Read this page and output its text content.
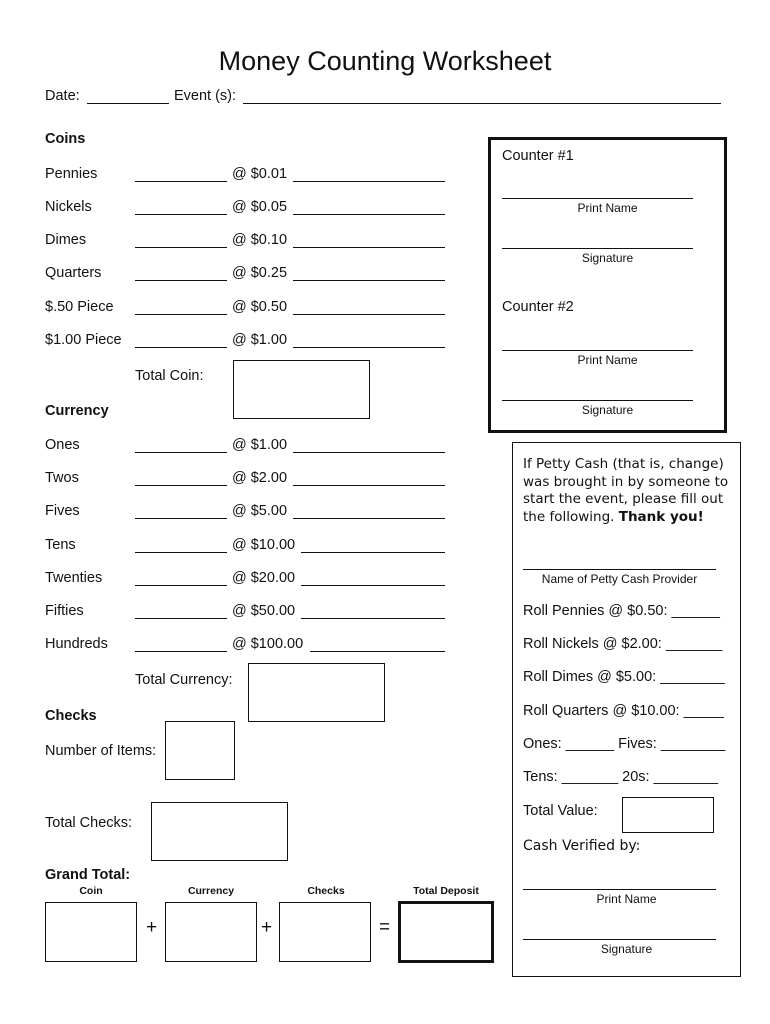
Money Counting Worksheet
Date:	Event (s):
Coins
Pennies	@ $0.01
Nickels	@ $0.05
Dimes	@ $0.10
Quarters	@ $0.25
$.50 Piece	@ $0.50
$1.00 Piece	@ $1.00
Total Coin:
Currency
Ones	@ $1.00
Twos	@ $2.00
Fives	@ $5.00
Tens	@ $10.00
Twenties	@ $20.00
Fifties	@ $50.00
Hundreds	@ $100.00
Total Currency:
Checks
Number of Items:
Total Checks:
Grand Total:
Coin	Currency	Checks	Total Deposit
+	+	=
Counter #1
Print Name
Signature
Counter #2
Print Name
Signature
If Petty Cash (that is, change) was brought in by someone to start the event, please fill out the following. Thank you!
Name of Petty Cash Provider
Roll Pennies @ $0.50: ______
Roll Nickels @ $2.00: _______
Roll Dimes @ $5.00: ________
Roll Quarters @ $10.00: _____
Ones: ______ Fives: ________
Tens: _______ 20s: ________
Total Value:
Cash Verified by:
Print Name
Signature
